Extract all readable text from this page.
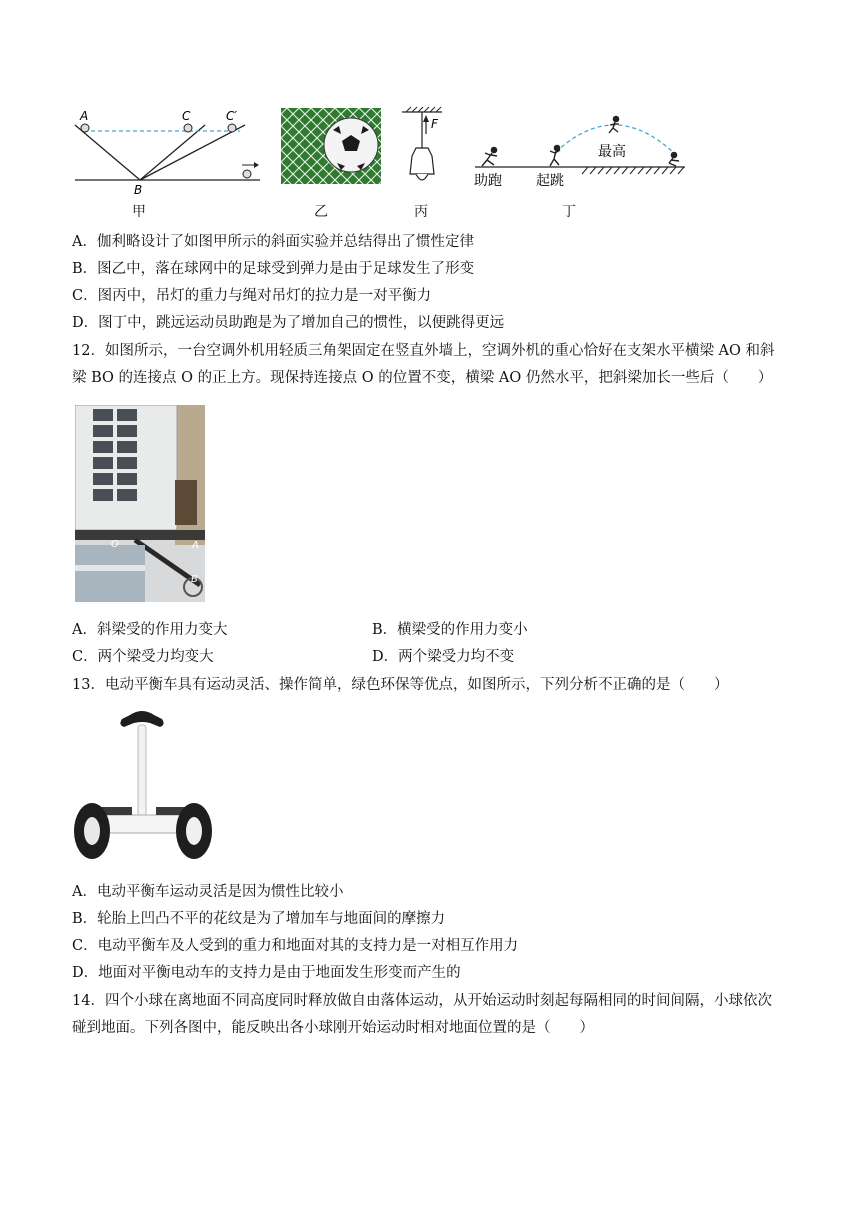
A	C	C′
B
F
助跑 起跳
最高
甲	乙	丙	丁
A．伽利略设计了如图甲所示的斜面实验并总结得出了惯性定律
B．图乙中，落在球网中的足球受到弹力是由于足球发生了形变
C．图丙中，吊灯的重力与绳对吊灯的拉力是一对平衡力
D．图丁中，跳远运动员助跑是为了增加自己的惯性，以便跳得更远
12．如图所示，一台空调外机用轻质三角架固定在竖直外墙上，空调外机的重心恰好在支架水平横梁 AO 和斜
梁 BO 的连接点 O 的正上方。现保持连接点 O 的位置不变，横梁 AO 仍然水平，把斜梁加长一些后（　　）
O	A
B
A．斜梁受的作用力变大	B．横梁受的作用力变小
C．两个梁受力均变大	D．两个梁受力均不变
13．电动平衡车具有运动灵活、操作简单，绿色环保等优点，如图所示，下列分析不正确的是（　　）
A．电动平衡车运动灵活是因为惯性比较小
B．轮胎上凹凸不平的花纹是为了增加车与地面间的摩擦力
C．电动平衡车及人受到的重力和地面对其的支持力是一对相互作用力
D．地面对平衡电动车的支持力是由于地面发生形变而产生的
14．四个小球在离地面不同高度同时释放做自由落体运动，从开始运动时刻起每隔相同的时间间隔，小球依次
碰到地面。下列各图中，能反映出各小球刚开始运动时相对地面位置的是（　　）
